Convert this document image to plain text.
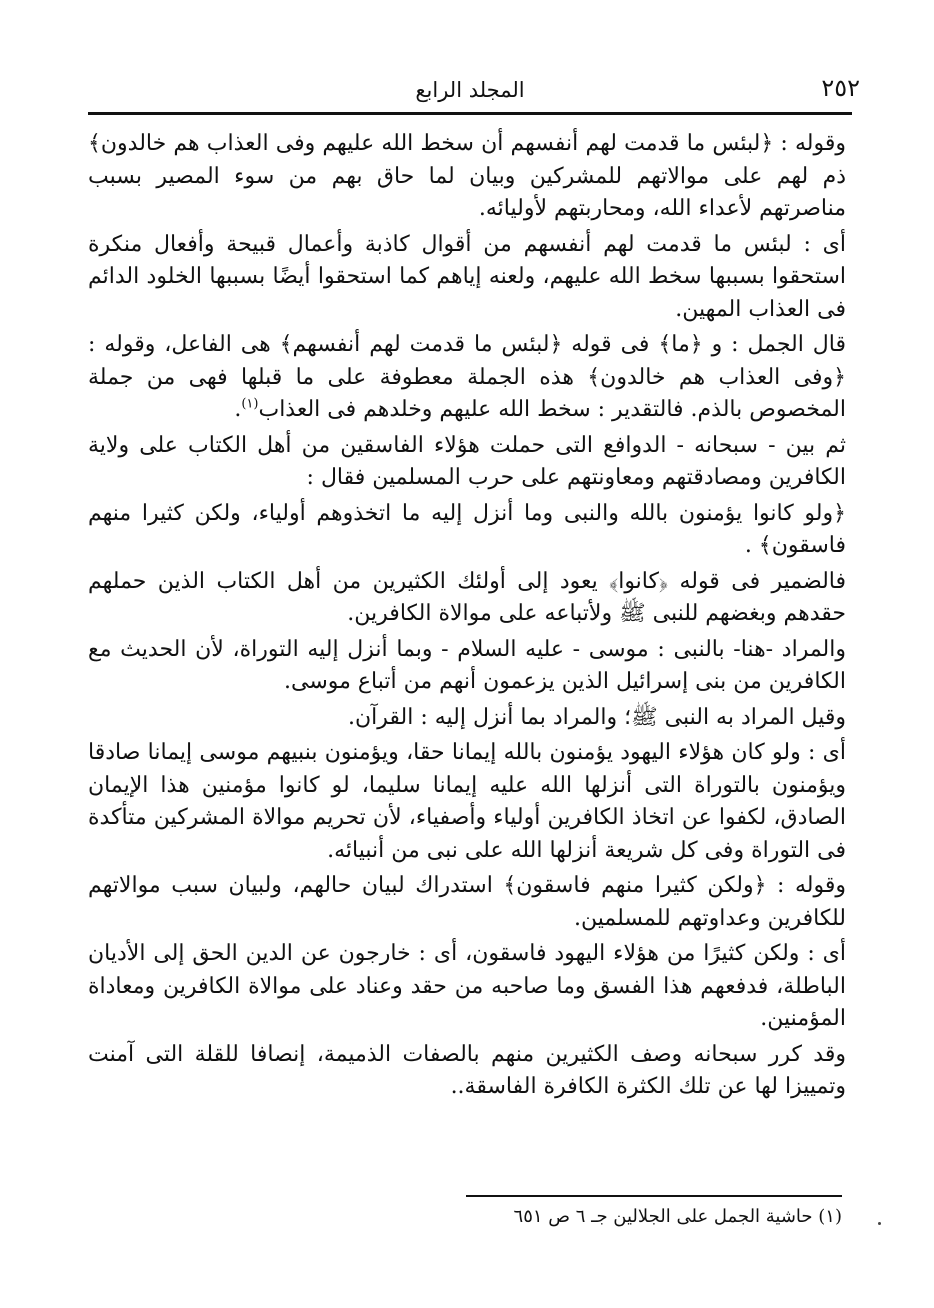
٢٥٢
المجلد الرابع

وقوله : ﴿لبئس ما قدمت لهم أنفسهم أن سخط الله عليهم وفى العذاب هم خالدون﴾ ذم لهم على موالاتهم للمشركين وبيان لما حاق بهم من سوء المصير بسبب مناصرتهم لأعداء الله، ومحاربتهم لأوليائه.

أى : لبئس ما قدمت لهم أنفسهم من أقوال كاذبة وأعمال قبيحة وأفعال منكرة استحقوا بسببها سخط الله عليهم، ولعنه إياهم كما استحقوا أيضًا بسببها الخلود الدائم فى العذاب المهين.

قال الجمل : و ﴿ما﴾ فى قوله ﴿لبئس ما قدمت لهم أنفسهم﴾ هى الفاعل، وقوله : ﴿وفى العذاب هم خالدون﴾ هذه الجملة معطوفة على ما قبلها فهى من جملة المخصوص بالذم. فالتقدير : سخط الله عليهم وخلدهم فى العذاب$^{(١)}$.

ثم بين - سبحانه - الدوافع التى حملت هؤلاء الفاسقين من أهل الكتاب على ولاية الكافرين ومصادقتهم ومعاونتهم على حرب المسلمين فقال :

﴿ولو كانوا يؤمنون بالله والنبى وما أنزل إليه ما اتخذوهم أولياء، ولكن كثيرا منهم فاسقون﴾ .

فالضمير فى قوله ﴿كانوا﴾ يعود إلى أولئك الكثيرين من أهل الكتاب الذين حملهم حقدهم وبغضهم للنبى ﷺ ولأتباعه على موالاة الكافرين.

والمراد -هنا- بالنبى : موسى - عليه السلام - وبما أنزل إليه التوراة، لأن الحديث مع الكافرين من بنى إسرائيل الذين يزعمون أنهم من أتباع موسى.

وقيل المراد به النبى ﷺ؛ والمراد بما أنزل إليه : القرآن.

أى : ولو كان هؤلاء اليهود يؤمنون بالله إيمانا حقا، ويؤمنون بنبيهم موسى إيمانا صادقا ويؤمنون بالتوراة التى أنزلها الله عليه إيمانا سليما، لو كانوا مؤمنين هذا الإيمان الصادق، لكفوا عن اتخاذ الكافرين أولياء وأصفياء، لأن تحريم موالاة المشركين متأكدة فى التوراة وفى كل شريعة أنزلها الله على نبى من أنبيائه.

وقوله : ﴿ولكن كثيرا منهم فاسقون﴾ استدراك لبيان حالهم، ولبيان سبب موالاتهم للكافرين وعداوتهم للمسلمين.

أى : ولكن كثيرًا من هؤلاء اليهود فاسقون، أى : خارجون عن الدين الحق إلى الأديان الباطلة، فدفعهم هذا الفسق وما صاحبه من حقد وعناد على موالاة الكافرين ومعاداة المؤمنين.

وقد كرر سبحانه وصف الكثيرين منهم بالصفات الذميمة، إنصافا للقلة التى آمنت وتمييزا لها عن تلك الكثرة الكافرة الفاسقة..

(١) حاشية الجمل على الجلالين جـ ٦ ص ٦٥١
